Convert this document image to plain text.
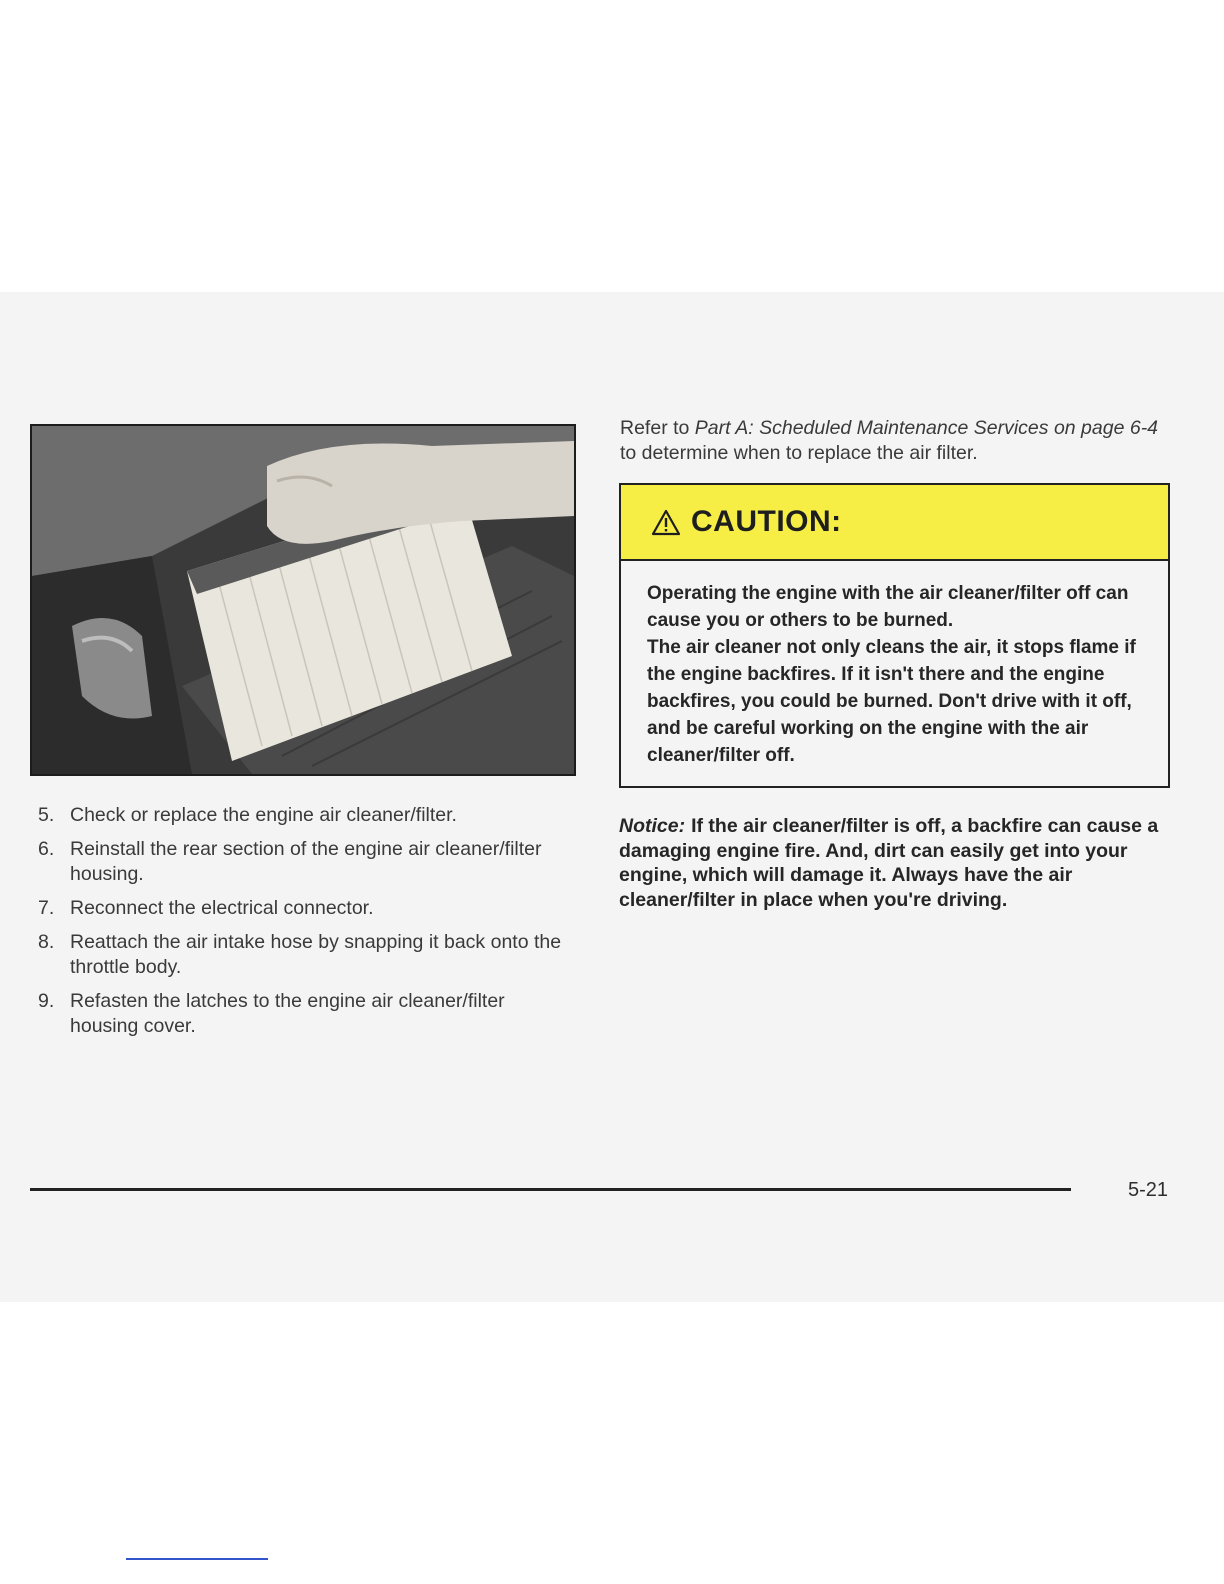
5. Check or replace the engine air cleaner/filter.
6. Reinstall the rear section of the engine air cleaner/filter housing.
7. Reconnect the electrical connector.
8. Reattach the air intake hose by snapping it back onto the throttle body.
9. Refasten the latches to the engine air cleaner/filter housing cover.
Refer to Part A: Scheduled Maintenance Services on page 6-4 to determine when to replace the air filter.
CAUTION:

Operating the engine with the air cleaner/filter off can cause you or others to be burned.

The air cleaner not only cleans the air, it stops flame if the engine backfires. If it isn't there and the engine backfires, you could be burned. Don't drive with it off, and be careful working on the engine with the air cleaner/filter off.

Notice: If the air cleaner/filter is off, a backfire can cause a damaging engine fire. And, dirt can easily get into your engine, which will damage it. Always have the air cleaner/filter in place when you're driving.
5-21
